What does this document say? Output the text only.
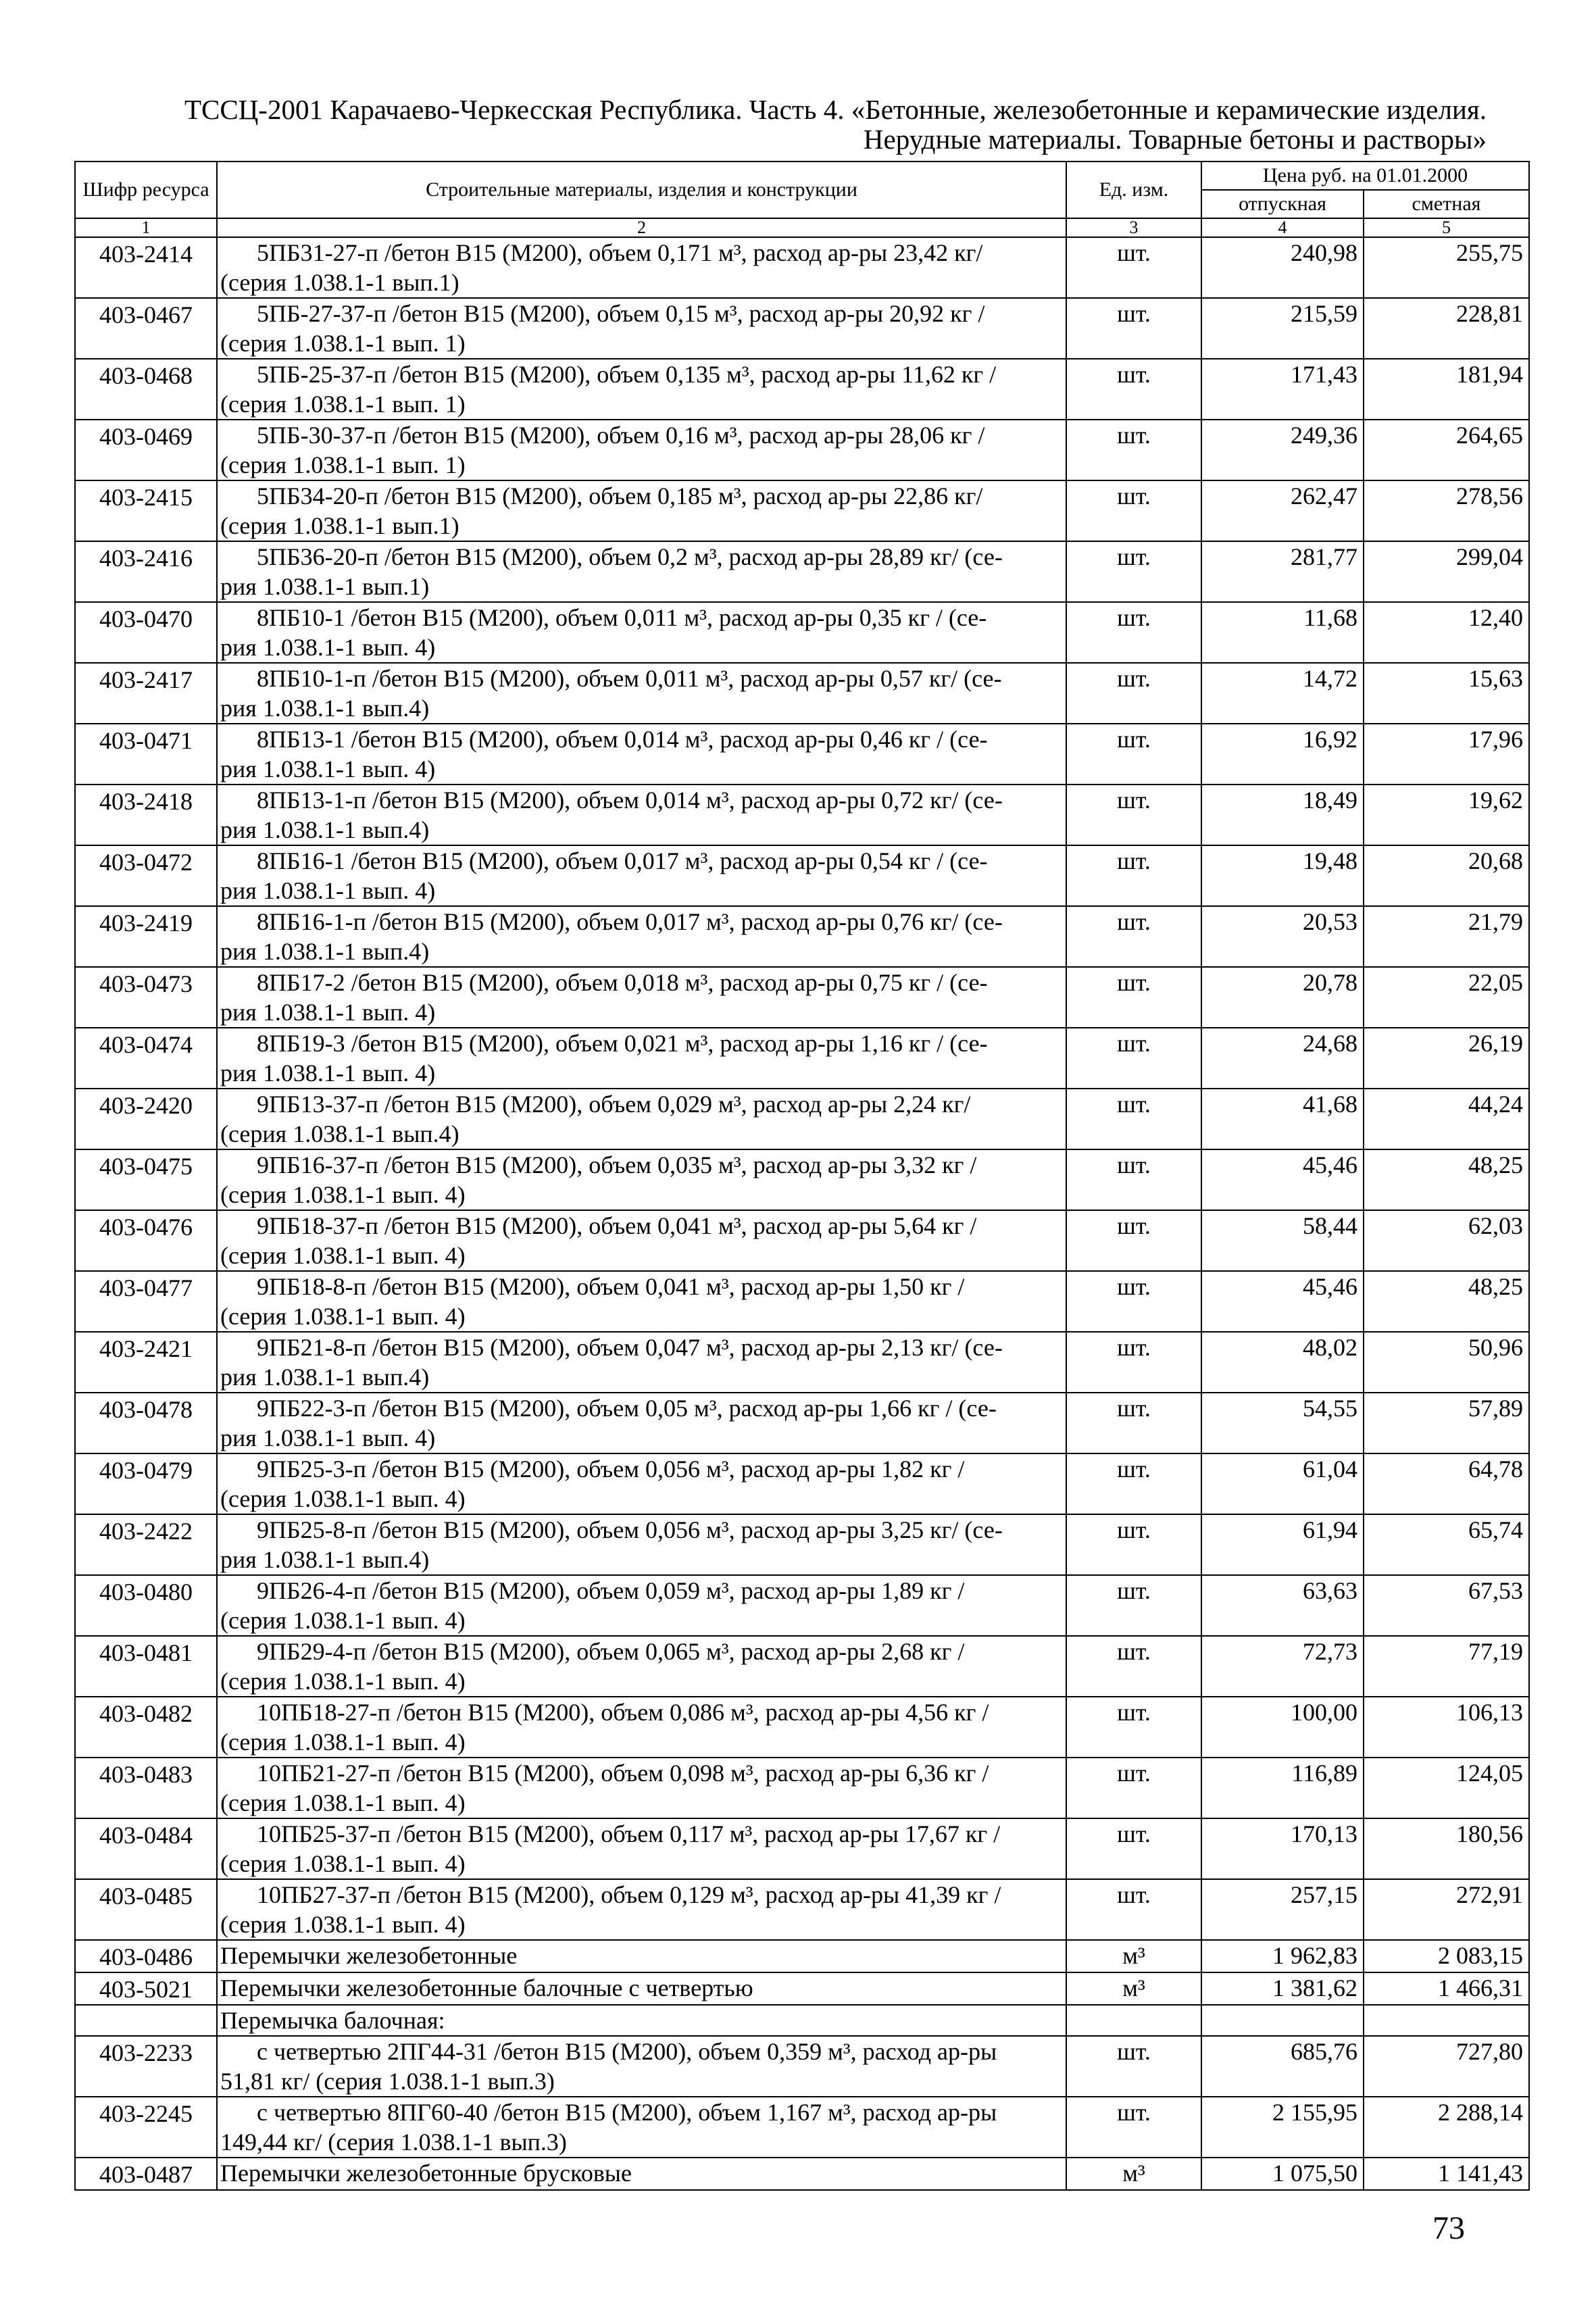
ТССЦ-2001 Карачаево-Черкесская Республика. Часть 4. «Бетонные, железобетонные и керамические изделия.
Нерудные материалы. Товарные бетоны и растворы»
Шифр ресурса	Строительные материалы, изделия и конструкции	Ед. изм.	Цена руб. на 01.01.2000	
			отпускная	сметная
1	2	3	4	5
403-2414	5ПБ31-27-п /бетон В15 (М200), объем 0,171 м³, расход ар-ры 23,42 кг/
(серия 1.038.1-1 вып.1)	шт.	240,98	255,75
403-0467	5ПБ-27-37-п /бетон В15 (М200), объем 0,15 м³, расход ар-ры 20,92 кг /
(серия 1.038.1-1 вып. 1)	шт.	215,59	228,81
403-0468	5ПБ-25-37-п /бетон В15 (М200), объем 0,135 м³, расход ар-ры 11,62 кг /
(серия 1.038.1-1 вып. 1)	шт.	171,43	181,94
403-0469	5ПБ-30-37-п /бетон В15 (М200), объем 0,16 м³, расход ар-ры 28,06 кг /
(серия 1.038.1-1 вып. 1)	шт.	249,36	264,65
403-2415	5ПБ34-20-п /бетон В15 (М200), объем 0,185 м³, расход ар-ры 22,86 кг/
(серия 1.038.1-1 вып.1)	шт.	262,47	278,56
403-2416	5ПБ36-20-п /бетон В15 (М200), объем 0,2 м³, расход ар-ры 28,89 кг/ (се-
рия 1.038.1-1 вып.1)	шт.	281,77	299,04
403-0470	8ПБ10-1 /бетон В15 (М200), объем 0,011 м³, расход ар-ры 0,35 кг / (се-
рия 1.038.1-1 вып. 4)	шт.	11,68	12,40
403-2417	8ПБ10-1-п /бетон В15 (М200), объем 0,011 м³, расход ар-ры 0,57 кг/ (се-
рия 1.038.1-1 вып.4)	шт.	14,72	15,63
403-0471	8ПБ13-1 /бетон В15 (М200), объем 0,014 м³, расход ар-ры 0,46 кг / (се-
рия 1.038.1-1 вып. 4)	шт.	16,92	17,96
403-2418	8ПБ13-1-п /бетон В15 (М200), объем 0,014 м³, расход ар-ры 0,72 кг/ (се-
рия 1.038.1-1 вып.4)	шт.	18,49	19,62
403-0472	8ПБ16-1 /бетон В15 (М200), объем 0,017 м³, расход ар-ры 0,54 кг / (се-
рия 1.038.1-1 вып. 4)	шт.	19,48	20,68
403-2419	8ПБ16-1-п /бетон В15 (М200), объем 0,017 м³, расход ар-ры 0,76 кг/ (се-
рия 1.038.1-1 вып.4)	шт.	20,53	21,79
403-0473	8ПБ17-2 /бетон В15 (М200), объем 0,018 м³, расход ар-ры 0,75 кг / (се-
рия 1.038.1-1 вып. 4)	шт.	20,78	22,05
403-0474	8ПБ19-3 /бетон В15 (М200), объем 0,021 м³, расход ар-ры 1,16 кг / (се-
рия 1.038.1-1 вып. 4)	шт.	24,68	26,19
403-2420	9ПБ13-37-п /бетон В15 (М200), объем 0,029 м³, расход ар-ры 2,24 кг/
(серия 1.038.1-1 вып.4)	шт.	41,68	44,24
403-0475	9ПБ16-37-п /бетон В15 (М200), объем 0,035 м³, расход ар-ры 3,32 кг /
(серия 1.038.1-1 вып. 4)	шт.	45,46	48,25
403-0476	9ПБ18-37-п /бетон В15 (М200), объем 0,041 м³, расход ар-ры 5,64 кг /
(серия 1.038.1-1 вып. 4)	шт.	58,44	62,03
403-0477	9ПБ18-8-п /бетон В15 (М200), объем 0,041 м³, расход ар-ры 1,50 кг /
(серия 1.038.1-1 вып. 4)	шт.	45,46	48,25
403-2421	9ПБ21-8-п /бетон В15 (М200), объем 0,047 м³, расход ар-ры 2,13 кг/ (се-
рия 1.038.1-1 вып.4)	шт.	48,02	50,96
403-0478	9ПБ22-3-п /бетон В15 (М200), объем 0,05 м³, расход ар-ры 1,66 кг / (се-
рия 1.038.1-1 вып. 4)	шт.	54,55	57,89
403-0479	9ПБ25-3-п /бетон В15 (М200), объем 0,056 м³, расход ар-ры 1,82 кг /
(серия 1.038.1-1 вып. 4)	шт.	61,04	64,78
403-2422	9ПБ25-8-п /бетон В15 (М200), объем 0,056 м³, расход ар-ры 3,25 кг/ (се-
рия 1.038.1-1 вып.4)	шт.	61,94	65,74
403-0480	9ПБ26-4-п /бетон В15 (М200), объем 0,059 м³, расход ар-ры 1,89 кг /
(серия 1.038.1-1 вып. 4)	шт.	63,63	67,53
403-0481	9ПБ29-4-п /бетон В15 (М200), объем 0,065 м³, расход ар-ры 2,68 кг /
(серия 1.038.1-1 вып. 4)	шт.	72,73	77,19
403-0482	10ПБ18-27-п /бетон В15 (М200), объем 0,086 м³, расход ар-ры 4,56 кг /
(серия 1.038.1-1 вып. 4)	шт.	100,00	106,13
403-0483	10ПБ21-27-п /бетон В15 (М200), объем 0,098 м³, расход ар-ры 6,36 кг /
(серия 1.038.1-1 вып. 4)	шт.	116,89	124,05
403-0484	10ПБ25-37-п /бетон В15 (М200), объем 0,117 м³, расход ар-ры 17,67 кг /
(серия 1.038.1-1 вып. 4)	шт.	170,13	180,56
403-0485	10ПБ27-37-п /бетон В15 (М200), объем 0,129 м³, расход ар-ры 41,39 кг /
(серия 1.038.1-1 вып. 4)	шт.	257,15	272,91
403-0486	Перемычки железобетонные	м³	1 962,83	2 083,15
403-5021	Перемычки железобетонные балочные с четвертью	м³	1 381,62	1 466,31

	Перемычка балочная:			

403-2233	с четвертью 2ПГ44-31 /бетон В15 (М200), объем 0,359 м³, расход ар-ры
51,81 кг/ (серия 1.038.1-1 вып.3)	шт.	685,76	727,80
403-2245	с четвертью 8ПГ60-40 /бетон В15 (М200), объем 1,167 м³, расход ар-ры
149,44 кг/ (серия 1.038.1-1 вып.3)	шт.	2 155,95	2 288,14
403-0487	Перемычки железобетонные брусковые	м³	1 075,50	1 141,43
73
